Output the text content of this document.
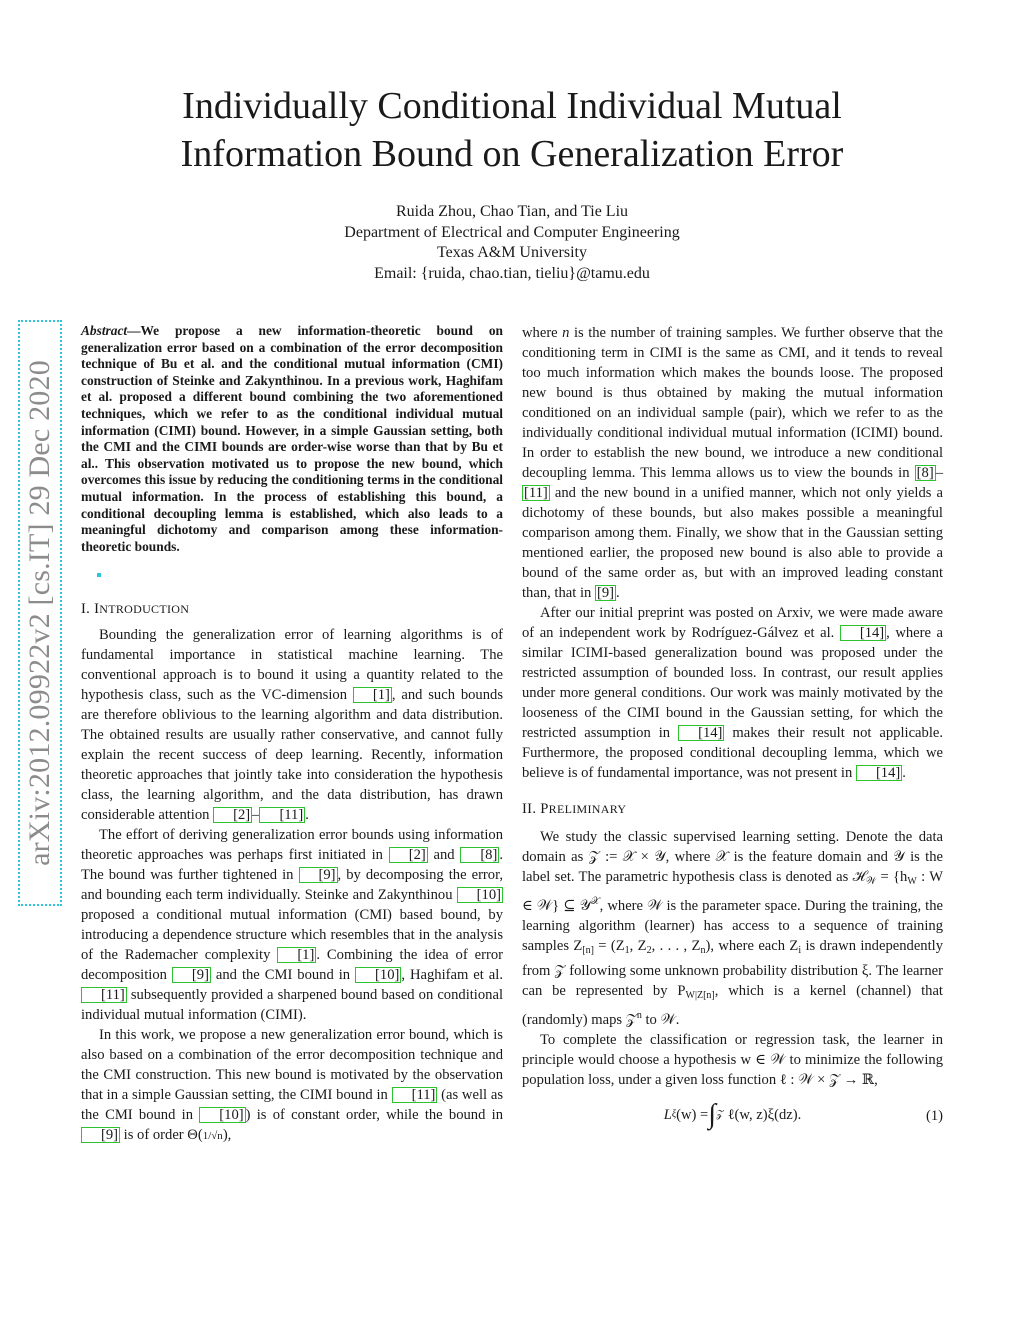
Individually Conditional Individual Mutual
Information Bound on Generalization Error
Ruida Zhou, Chao Tian, and Tie Liu
Department of Electrical and Computer Engineering
Texas A&M University
Email: {ruida, chao.tian, tieliu}@tamu.edu
arXiv:2012.09922v2 [cs.IT] 29 Dec 2020

Abstract—We propose a new information-theoretic bound on generalization error based on a combination of the error decomposition technique of Bu et al. and the conditional mutual information (CMI) construction of Steinke and Zakynthinou. In a previous work, Haghifam et al. proposed a different bound combining the two aforementioned techniques, which we refer to as the conditional individual mutual information (CIMI) bound. However, in a simple Gaussian setting, both the CMI and the CIMI bounds are order-wise worse than that by Bu et al.. This observation motivated us to propose the new bound, which overcomes this issue by reducing the conditioning terms in the conditional mutual information. In the process of establishing this bound, a conditional decoupling lemma is established, which also leads to a meaningful dichotomy and comparison among these information-theoretic bounds.

I. INTRODUCTION

Bounding the generalization error of learning algorithms is of fundamental importance in statistical machine learning. The conventional approach is to bound it using a quantity related to the hypothesis class, such as the VC-dimension [1] , and such bounds are therefore oblivious to the learning algorithm and data distribution. The obtained results are usually rather conservative, and cannot fully explain the recent success of deep learning. Recently, information theoretic approaches that jointly take into consideration the hypothesis class, the learning algorithm, and the data distribution, has drawn considerable attention [2] – [11] .

The effort of deriving generalization error bounds using information theoretic approaches was perhaps first initiated in [2] and [8] . The bound was further tightened in [9] , by decomposing the error, and bounding each term individually. Steinke and Zakynthinou [10] proposed a conditional mutual information (CMI) based bound, by introducing a dependence structure which resembles that in the analysis of the Rademacher complexity [1] . Combining the idea of error decomposition [9] and the CMI bound in [10] , Haghifam et al. [11] subsequently provided a sharpened bound based on conditional individual mutual information (CIMI).

In this work, we propose a new generalization error bound, which is also based on a combination of the error decomposition technique and the CMI construction. This new bound is motivated by the observation that in a simple Gaussian setting, the CIMI bound in [11] (as well as the CMI bound in [10] ) is of constant order, while the bound in [9] is of order Θ(1/√n),

where n is the number of training samples. We further observe that the conditioning term in CIMI is the same as CMI, and it tends to reveal too much information which makes the bounds loose. The proposed new bound is thus obtained by making the mutual information conditioned on an individual sample (pair), which we refer to as the individually conditional individual mutual information (ICIMI) bound. In order to establish the new bound, we introduce a new conditional decoupling lemma. This lemma allows us to view the bounds in [8] –[11] and the new bound in a unified manner, which not only yields a dichotomy of these bounds, but also makes possible a meaningful comparison among them. Finally, we show that in the Gaussian setting mentioned earlier, the proposed new bound is also able to provide a bound of the same order as, but with an improved leading constant than, that in [9] .

After our initial preprint was posted on Arxiv, we were made aware of an independent work by Rodríguez-Gálvez et al. [14] , where a similar ICIMI-based generalization bound was proposed under the restricted assumption of bounded loss. In contrast, our result applies under more general conditions. Our work was mainly motivated by the looseness of the CIMI bound in the Gaussian setting, for which the restricted assumption in [14] makes their result not applicable. Furthermore, the proposed conditional decoupling lemma, which we believe is of fundamental importance, was not present in [14] .

II. PRELIMINARY

We study the classic supervised learning setting. Denote the data domain as 𝒵 := 𝒳 × 𝒴, where 𝒳 is the feature domain and 𝒴 is the label set. The parametric hypothesis class is denoted as ℋ$_𝒲$ = {$h_W$ : W ∈ 𝒲} ⊆ 𝒴$^𝒳$, where 𝒲 is the parameter space. During the training, the learning algorithm (learner) has access to a sequence of training samples $Z_{[n]} = (Z_1$, $Z_2$, . . . , $Z_n$), where each $Z_i$ is drawn independently from 𝒵 following some unknown probability distribution ξ. The learner can be represented by $P_{W|Z[n]}$, which is a kernel (channel) that (randomly) maps 𝒵$^n$ to 𝒲.

To complete the classification or regression task, the learner in principle would choose a hypothesis w ∈ 𝒲 to minimize the following population loss, under a given loss function ℓ : 𝒲 × 𝒵 → ℝ,

L ξ (w) = ∫ 𝒵 ℓ(w, z)ξ(dz).	(1)
